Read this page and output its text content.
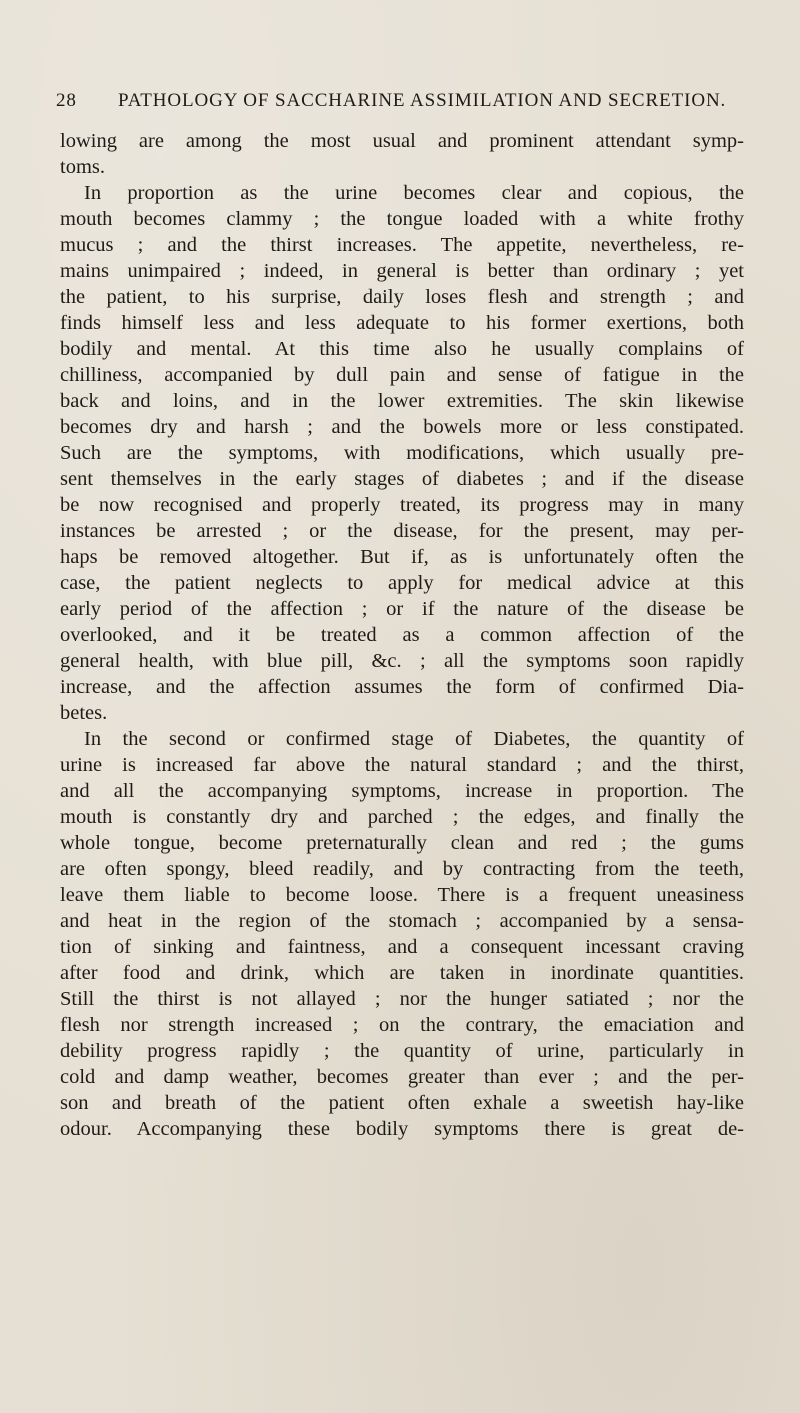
28 PATHOLOGY OF SACCHARINE ASSIMILATION AND SECRETION.
lowing are among the most usual and prominent attendant symp-
toms.
In proportion as the urine becomes clear and copious, the
mouth becomes clammy ; the tongue loaded with a white frothy
mucus ; and the thirst increases. The appetite, nevertheless, re-
mains unimpaired ; indeed, in general is better than ordinary ; yet
the patient, to his surprise, daily loses flesh and strength ; and
finds himself less and less adequate to his former exertions, both
bodily and mental. At this time also he usually complains of
chilliness, accompanied by dull pain and sense of fatigue in the
back and loins, and in the lower extremities. The skin likewise
becomes dry and harsh ; and the bowels more or less constipated.
Such are the symptoms, with modifications, which usually pre-
sent themselves in the early stages of diabetes ; and if the disease
be now recognised and properly treated, its progress may in many
instances be arrested ; or the disease, for the present, may per-
haps be removed altogether. But if, as is unfortunately often the
case, the patient neglects to apply for medical advice at this
early period of the affection ; or if the nature of the disease be
overlooked, and it be treated as a common affection of the
general health, with blue pill, &c. ; all the symptoms soon rapidly
increase, and the affection assumes the form of confirmed Dia-
betes.
In the second or confirmed stage of Diabetes, the quantity of
urine is increased far above the natural standard ; and the thirst,
and all the accompanying symptoms, increase in proportion. The
mouth is constantly dry and parched ; the edges, and finally the
whole tongue, become preternaturally clean and red ; the gums
are often spongy, bleed readily, and by contracting from the teeth,
leave them liable to become loose. There is a frequent uneasiness
and heat in the region of the stomach ; accompanied by a sensa-
tion of sinking and faintness, and a consequent incessant craving
after food and drink, which are taken in inordinate quantities.
Still the thirst is not allayed ; nor the hunger satiated ; nor the
flesh nor strength increased ; on the contrary, the emaciation and
debility progress rapidly ; the quantity of urine, particularly in
cold and damp weather, becomes greater than ever ; and the per-
son and breath of the patient often exhale a sweetish hay-like
odour. Accompanying these bodily symptoms there is great de-
